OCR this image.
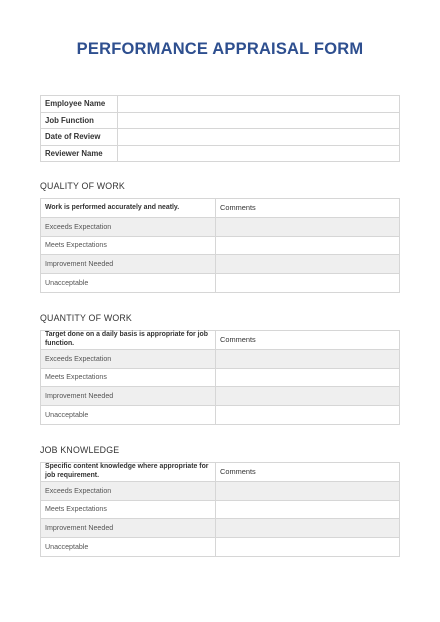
PERFORMANCE APPRAISAL FORM
Employee Name	
Job Function	
Date of Review	
Reviewer Name	
QUALITY OF WORK
Work is performed accurately and neatly.	Comments
Exceeds Expectation	
Meets Expectations	
Improvement Needed	
Unacceptable	
QUANTITY OF WORK
Target done on a daily basis is appropriate for job function.	Comments
Exceeds Expectation	
Meets Expectations	
Improvement Needed	
Unacceptable	
JOB KNOWLEDGE
Specific content knowledge where appropriate for job requirement.	Comments
Exceeds Expectation	
Meets Expectations	
Improvement Needed	
Unacceptable	
